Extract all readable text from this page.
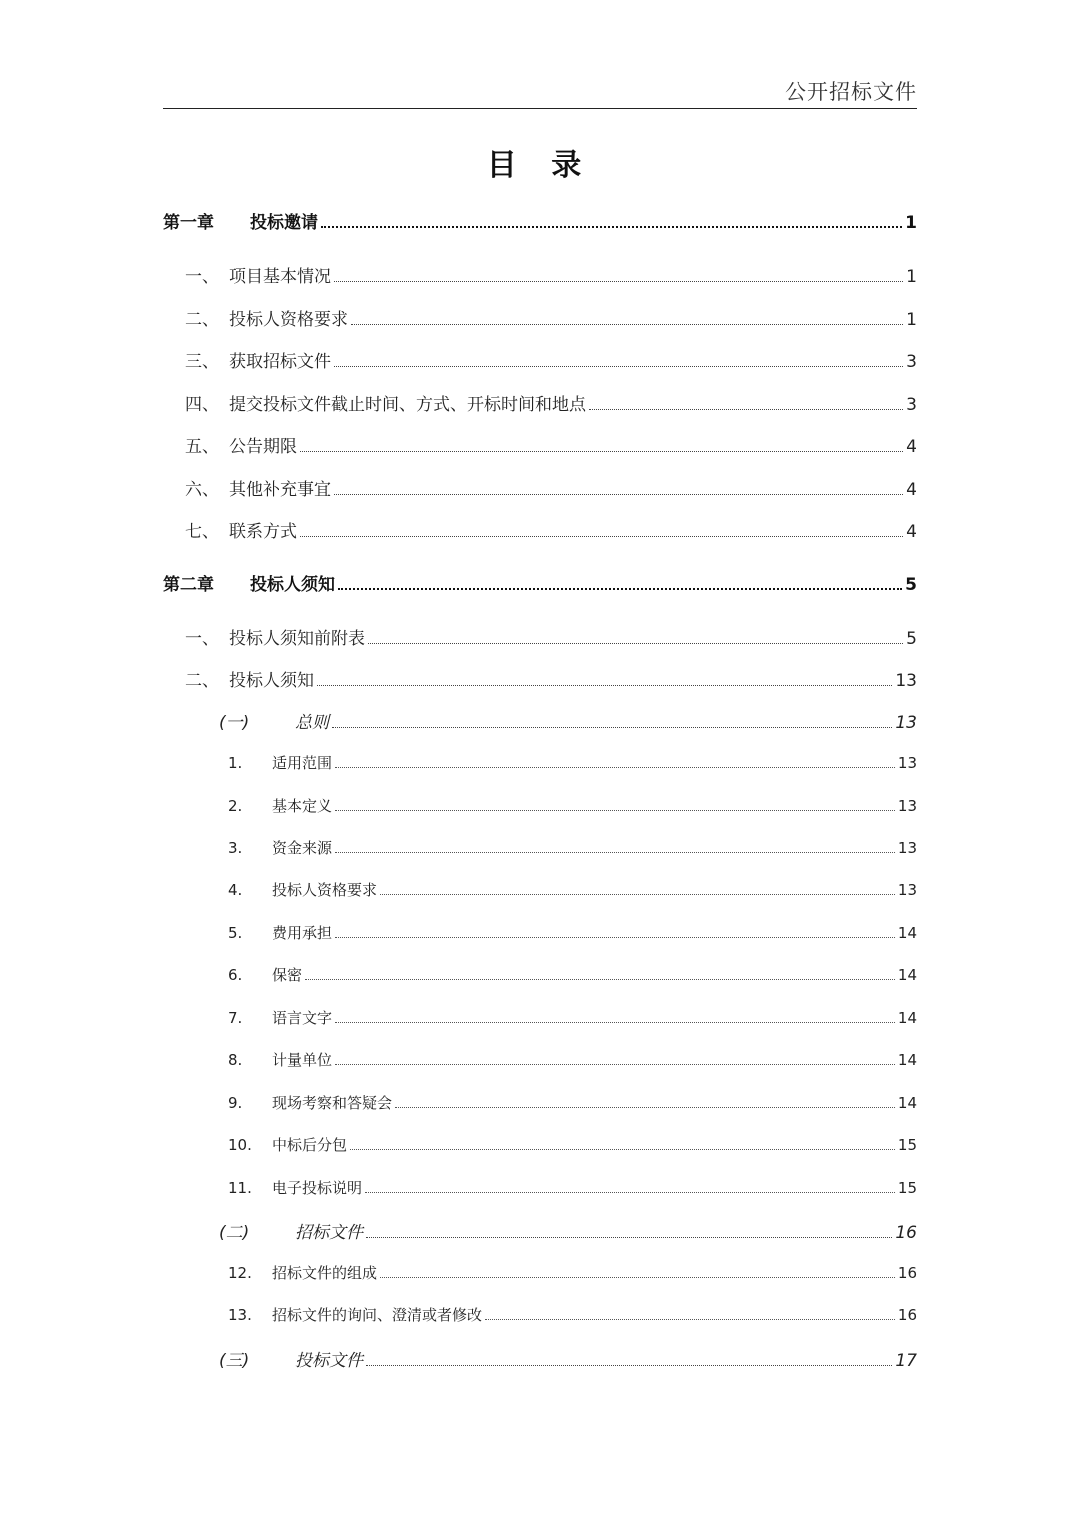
公开招标文件
目 录
第一章	投标邀请	1
一、 项目基本情况	1
二、 投标人资格要求	1
三、 获取招标文件	3
四、 提交投标文件截止时间、方式、开标时间和地点	3
五、 公告期限	4
六、 其他补充事宜	4
七、 联系方式	4
第二章	投标人须知	5
一、 投标人须知前附表	5
二、 投标人须知	13
(一)	总则	13
1.	适用范围	13
2.	基本定义	13
3.	资金来源	13
4.	投标人资格要求	13
5.	费用承担	14
6.	保密	14
7.	语言文字	14
8.	计量单位	14
9.	现场考察和答疑会	14
10.	中标后分包	15
11.	电子投标说明	15
(二)	招标文件	16
12.	招标文件的组成	16
13.	招标文件的询问、澄清或者修改	16
(三)	投标文件	17
